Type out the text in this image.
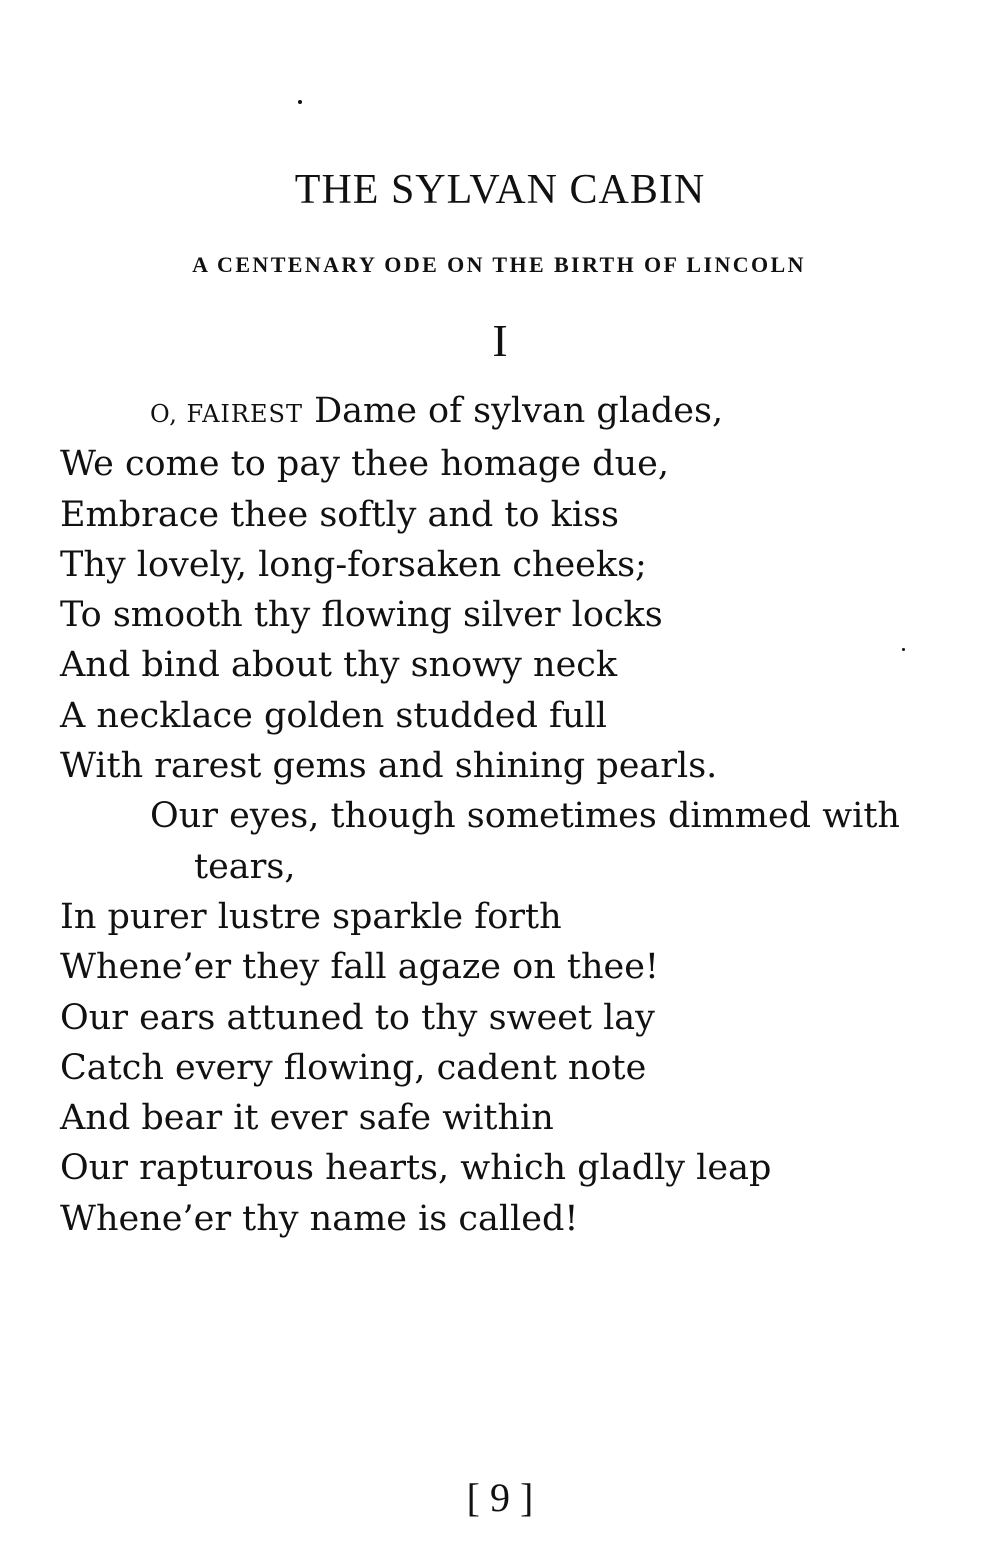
THE SYLVAN CABIN
A CENTENARY ODE ON THE BIRTH OF LINCOLN
I
O, FAIREST Dame of sylvan glades,
We come to pay thee homage due,
Embrace thee softly and to kiss
Thy lovely, long-forsaken cheeks;
To smooth thy flowing silver locks
And bind about thy snowy neck
A necklace golden studded full
With rarest gems and shining pearls.
Our eyes, though sometimes dimmed with
tears,
In purer lustre sparkle forth
Whene’er they fall agaze on thee!
Our ears attuned to thy sweet lay
Catch every flowing, cadent note
And bear it ever safe within
Our rapturous hearts, which gladly leap
Whene’er thy name is called!
[ 9 ]
